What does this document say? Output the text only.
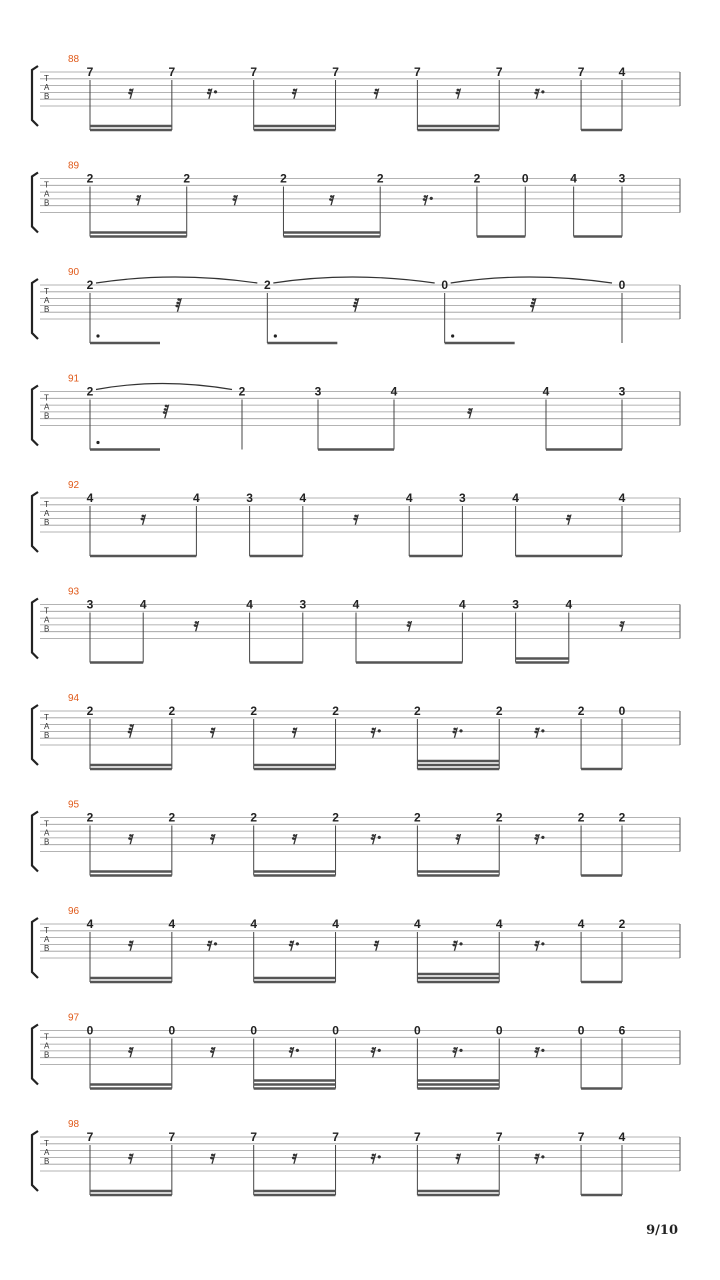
T
A
B
88
7
𝄿
7
𝄿·
7
𝄿
7
𝄿
7
𝄿
7
𝄿·
7	4
T
A
B
89
2
𝄿
2
𝄿
2
𝄿
2
𝄿·
2	0	4	3
T
A
B
90
2
𝅀
2
𝅀
0
𝅀
0
T
A
B
91
2
𝅀
2	3	4
𝄿
4	3
T
A
B
92
4
𝄿
4	3	4
𝄿
4	3	4
𝄿
4
T
A
B
93
3	4
𝄿
4	3	4
𝄿
4	3	4
𝄿
T
A
B
94
2
𝅀
2
𝄿
2
𝄿
2
𝄿·
2
𝄿·
2
𝄿·
2	0
T
A
B
95
2
𝄿
2
𝄿
2
𝄿
2
𝄿·
2
𝄿
2
𝄿·
2	2
T
A
B
96
4
𝄿
4
𝄿·
4
𝄿·
4
𝄿
4
𝄿·
4
𝄿·
4	2
T
A
B
97
0
𝄿
0
𝄿
0
𝄿·
0
𝄿·
0
𝄿·
0
𝄿·
0	6
T
A
B
98
7
𝄿
7
𝄿
7
𝄿
7
𝄿·
7
𝄿
7
𝄿·
7	4
9/10
